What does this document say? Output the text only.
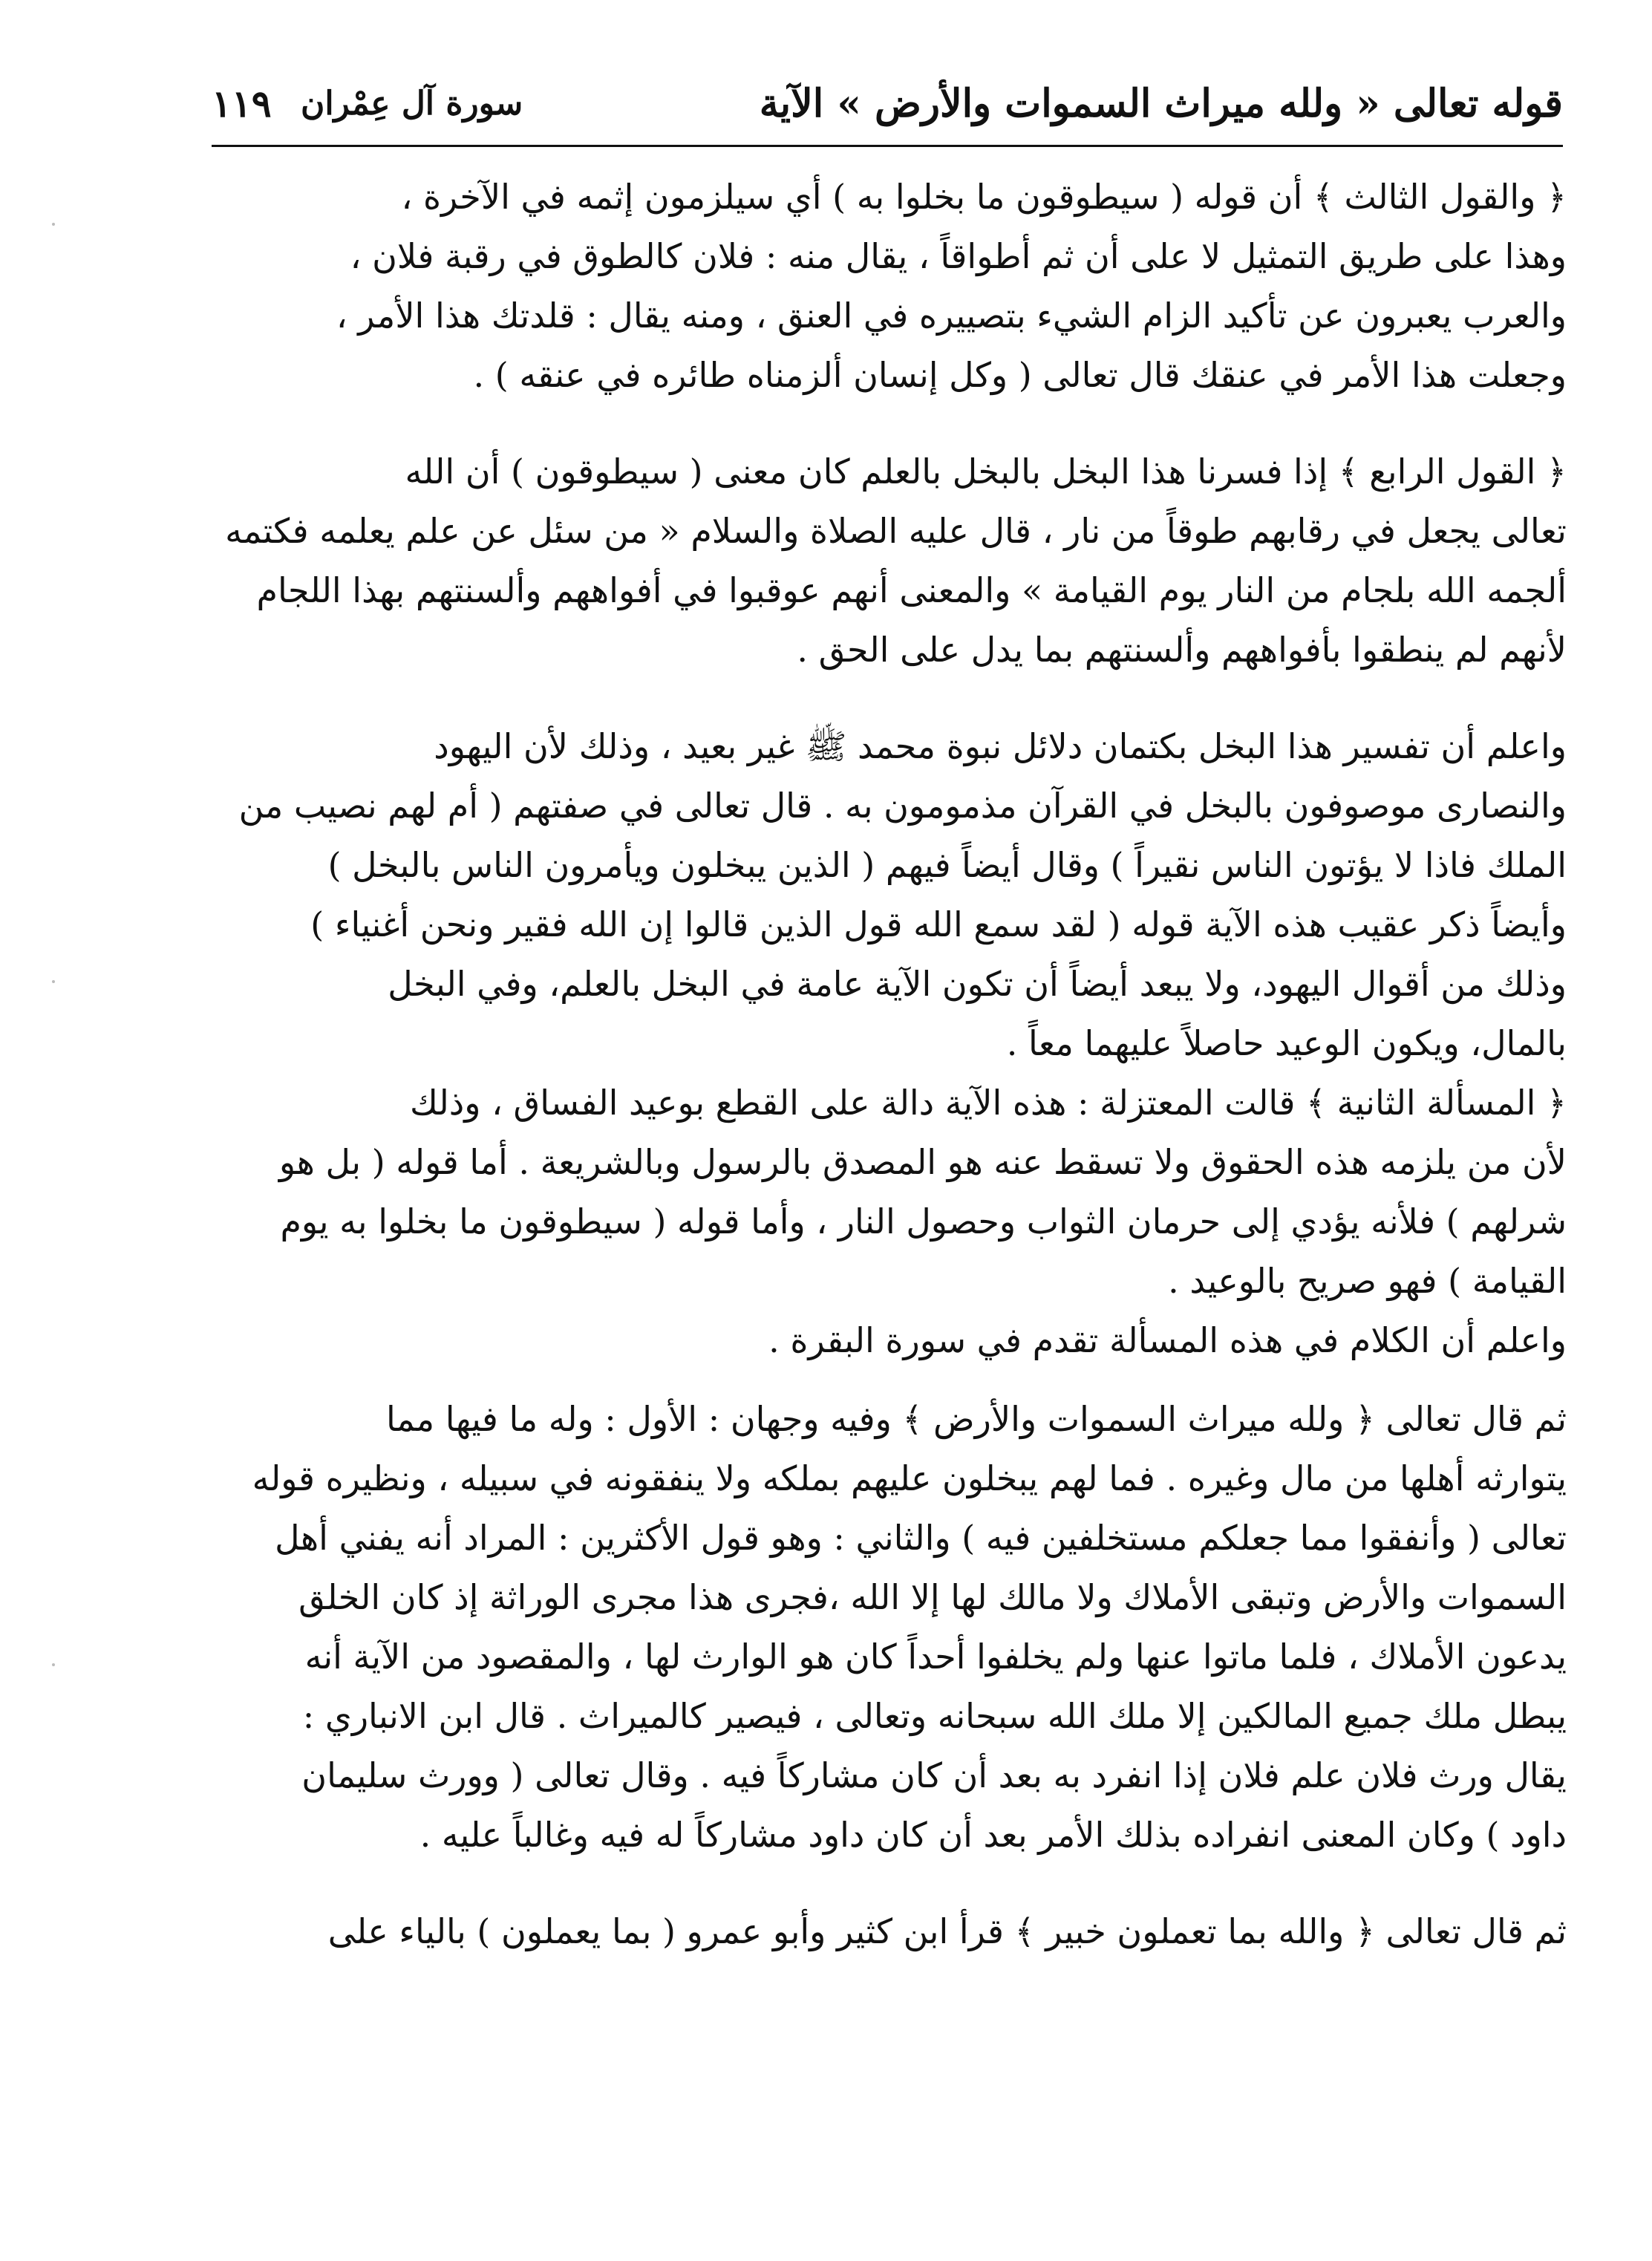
قوله تعالى « ولله ميراث السموات والأرض » الآية
سورة آل عِمْران
١١٩
﴿ والقول الثالث ﴾ أن قوله ( سيطوقون ما بخلوا به ) أي سيلزمون إثمه في الآخرة ،
وهذا على طريق التمثيل لا على أن ثم أطواقاً ، يقال منه : فلان كالطوق في رقبة فلان ،
والعرب يعبرون عن تأكيد الزام الشيء بتصييره في العنق ، ومنه يقال : قلدتك هذا الأمر ،
وجعلت هذا الأمر في عنقك قال تعالى ( وكل إنسان ألزمناه طائره في عنقه ) .
﴿ القول الرابع ﴾ إذا فسرنا هذا البخل بالبخل بالعلم كان معنى ( سيطوقون ) أن الله
تعالى يجعل في رقابهم طوقاً من نار ، قال عليه الصلاة والسلام « من سئل عن علم يعلمه فكتمه
ألجمه الله بلجام من النار يوم القيامة » والمعنى أنهم عوقبوا في أفواههم وألسنتهم بهذا اللجام
لأنهم لم ينطقوا بأفواههم وألسنتهم بما يدل على الحق .
واعلم أن تفسير هذا البخل بكتمان دلائل نبوة محمد ﷺ غير بعيد ، وذلك لأن اليهود
والنصارى موصوفون بالبخل في القرآن مذمومون به . قال تعالى في صفتهم ( أم لهم نصيب من
الملك فاذا لا يؤتون الناس نقيراً ) وقال أيضاً فيهم ( الذين يبخلون ويأمرون الناس بالبخل )
وأيضاً ذكر عقيب هذه الآية قوله ( لقد سمع الله قول الذين قالوا إن الله فقير ونحن أغنياء )
وذلك من أقوال اليهود، ولا يبعد أيضاً أن تكون الآية عامة في البخل بالعلم، وفي البخل
بالمال، ويكون الوعيد حاصلاً عليهما معاً .
﴿ المسألة الثانية ﴾ قالت المعتزلة : هذه الآية دالة على القطع بوعيد الفساق ، وذلك
لأن من يلزمه هذه الحقوق ولا تسقط عنه هو المصدق بالرسول وبالشريعة . أما قوله ( بل هو
شرلهم ) فلأنه يؤدي إلى حرمان الثواب وحصول النار ، وأما قوله ( سيطوقون ما بخلوا به يوم
القيامة ) فهو صريح بالوعيد .
واعلم أن الكلام في هذه المسألة تقدم في سورة البقرة .
ثم قال تعالى ﴿ ولله ميراث السموات والأرض ﴾ وفيه وجهان : الأول : وله ما فيها مما
يتوارثه أهلها من مال وغيره . فما لهم يبخلون عليهم بملكه ولا ينفقونه في سبيله ، ونظيره قوله
تعالى ( وأنفقوا مما جعلكم مستخلفين فيه ) والثاني : وهو قول الأكثرين : المراد أنه يفني أهل
السموات والأرض وتبقى الأملاك ولا مالك لها إلا الله ،فجرى هذا مجرى الوراثة إذ كان الخلق
يدعون الأملاك ، فلما ماتوا عنها ولم يخلفوا أحداً كان هو الوارث لها ، والمقصود من الآية أنه
يبطل ملك جميع المالكين إلا ملك الله سبحانه وتعالى ، فيصير كالميراث . قال ابن الانباري :
يقال ورث فلان علم فلان إذا انفرد به بعد أن كان مشاركاً فيه . وقال تعالى ( وورث سليمان
داود ) وكان المعنى انفراده بذلك الأمر بعد أن كان داود مشاركاً له فيه وغالباً عليه .
ثم قال تعالى ﴿ والله بما تعملون خبير ﴾ قرأ ابن كثير وأبو عمرو ( بما يعملون ) بالياء على
